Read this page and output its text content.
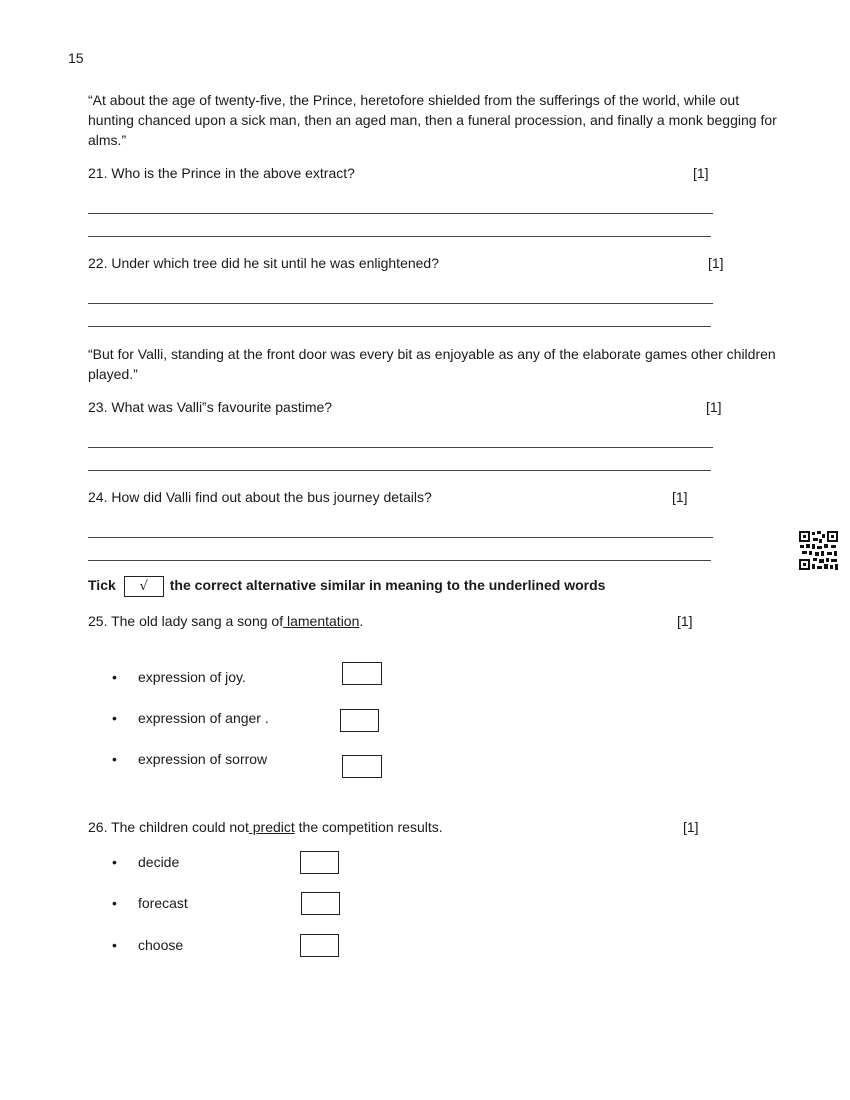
15
“At about the age of twenty-five, the Prince, heretofore shielded from the sufferings of the world, while out hunting chanced upon a sick man, then an aged man, then a funeral procession, and finally a monk begging for alms.”
21. Who is the Prince in the above extract?	[1]
22. Under which tree did he sit until he was enlightened?	[1]
“But for Valli, standing at the front door was every bit as enjoyable as any of the elaborate games other children played.”
23. What was Valli‟s favourite pastime?	[1]
24. How did Valli find out about the bus journey details?	[1]
Tick √ the correct alternative similar in meaning to the underlined words
25. The old lady sang a song of lamentation.	[1]
• expression of joy.
• expression of anger .
• expression of sorrow
26. The children could not predict the competition results.	[1]
• decide
• forecast
• choose
